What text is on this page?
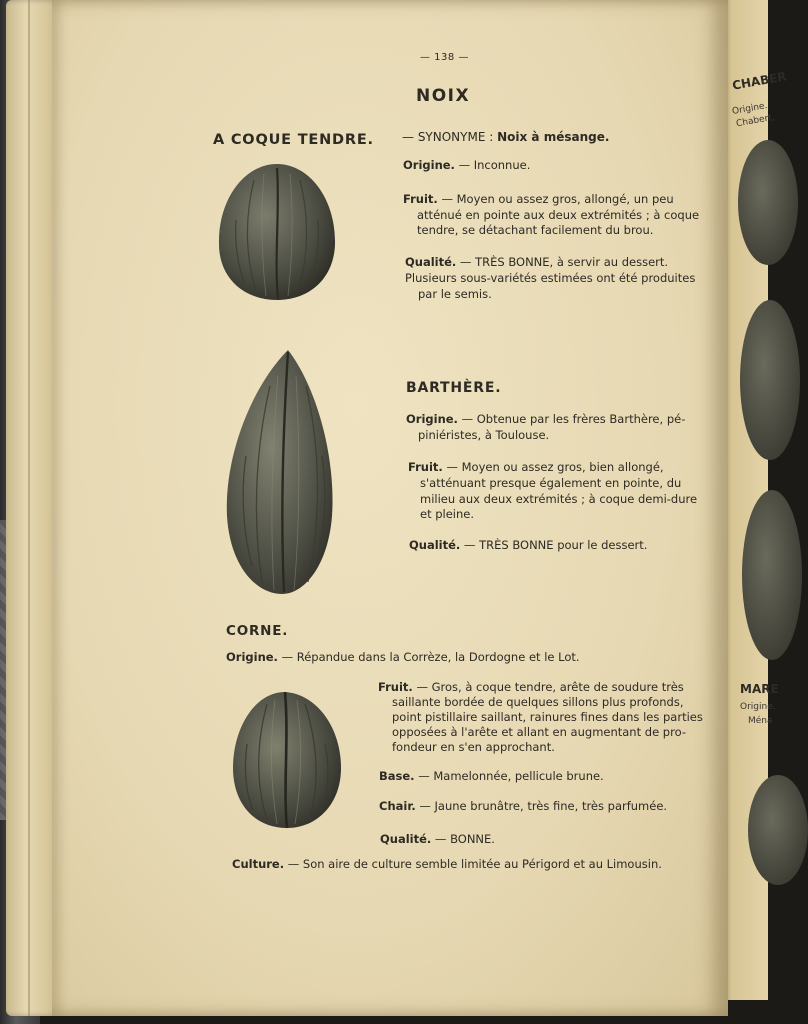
CHABER
Origine.
Chabert,
MARE
Origine.
Ména
— 138 —
NOIX
A COQUE TENDRE. — SYNONYME : Noix à mésange.
Origine. — Inconnue.
Fruit. — Moyen ou assez gros, allongé, un peu
atténué en pointe aux deux extrémités ; à coque
tendre, se détachant facilement du brou.
Qualité. — TRÈS BONNE, à servir au dessert.
Plusieurs sous-variétés estimées ont été produites
par le semis.
BARTHÈRE.
Origine. — Obtenue par les frères Barthère, pé-
piniéristes, à Toulouse.
Fruit. — Moyen ou assez gros, bien allongé,
s'atténuant presque également en pointe, du
milieu aux deux extrémités ; à coque demi-dure
et pleine.
Qualité. — TRÈS BONNE pour le dessert.
CORNE.
Origine. — Répandue dans la Corrèze, la Dordogne et le Lot.
Fruit. — Gros, à coque tendre, arête de soudure très
saillante bordée de quelques sillons plus profonds,
point pistillaire saillant, rainures fines dans les parties
opposées à l'arête et allant en augmentant de pro-
fondeur en s'en approchant.
Base. — Mamelonnée, pellicule brune.
Chair. — Jaune brunâtre, très fine, très parfumée.
Qualité. — BONNE.
Culture. — Son aire de culture semble limitée au Périgord et au Limousin.
